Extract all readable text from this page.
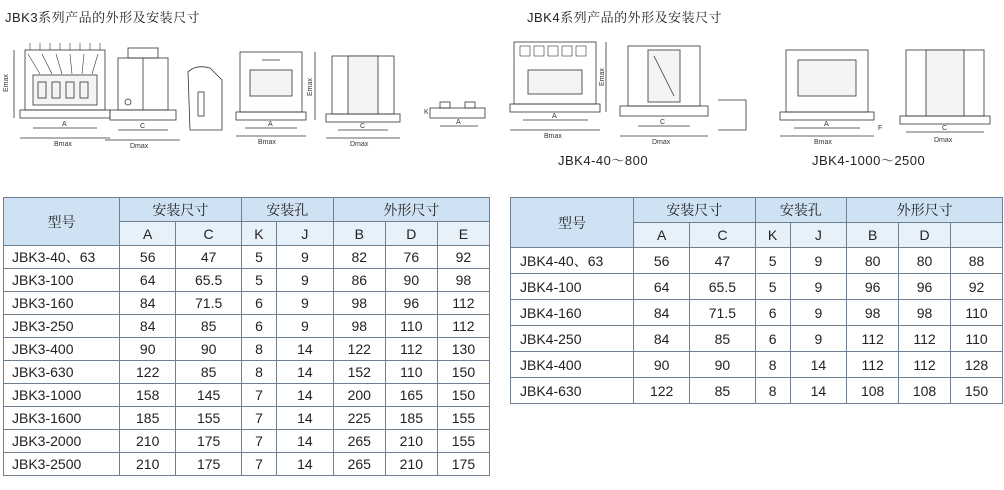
JBK3系列产品的外形及安装尺寸	JBK4系列产品的外形及安装尺寸
Emax
A
Bmax
C
Dmax
A
Bmax
Emax
C
Dmax
K
A
Emax
A
Bmax
C
Dmax
A
Bmax
F	C
Dmax
JBK4-40～800	JBK4-1000～2500
型号	安装尺寸		安装孔		外形尺寸		
	A	C	K	J	B	D	E
JBK3-40、63	56	47	5	9	82	76	92
JBK3-100	64	65.5	5	9	86	90	98
JBK3-160	84	71.5	6	9	98	96	112
JBK3-250	84	85	6	9	98	110	112
JBK3-400	90	90	8	14	122	112	130
JBK3-630	122	85	8	14	152	110	150
JBK3-1000	158	145	7	14	200	165	150
JBK3-1600	185	155	7	14	225	185	155
JBK3-2000	210	175	7	14	265	210	155
JBK3-2500	210	175	7	14	265	210	175
型号	安装尺寸		安装孔		外形尺寸		
	A	C	K	J	B	D	
JBK4-40、63	56	47	5	9	80	80	88
JBK4-100	64	65.5	5	9	96	96	92
JBK4-160	84	71.5	6	9	98	98	110
JBK4-250	84	85	6	9	112	112	110
JBK4-400	90	90	8	14	112	112	128
JBK4-630	122	85	8	14	108	108	150
